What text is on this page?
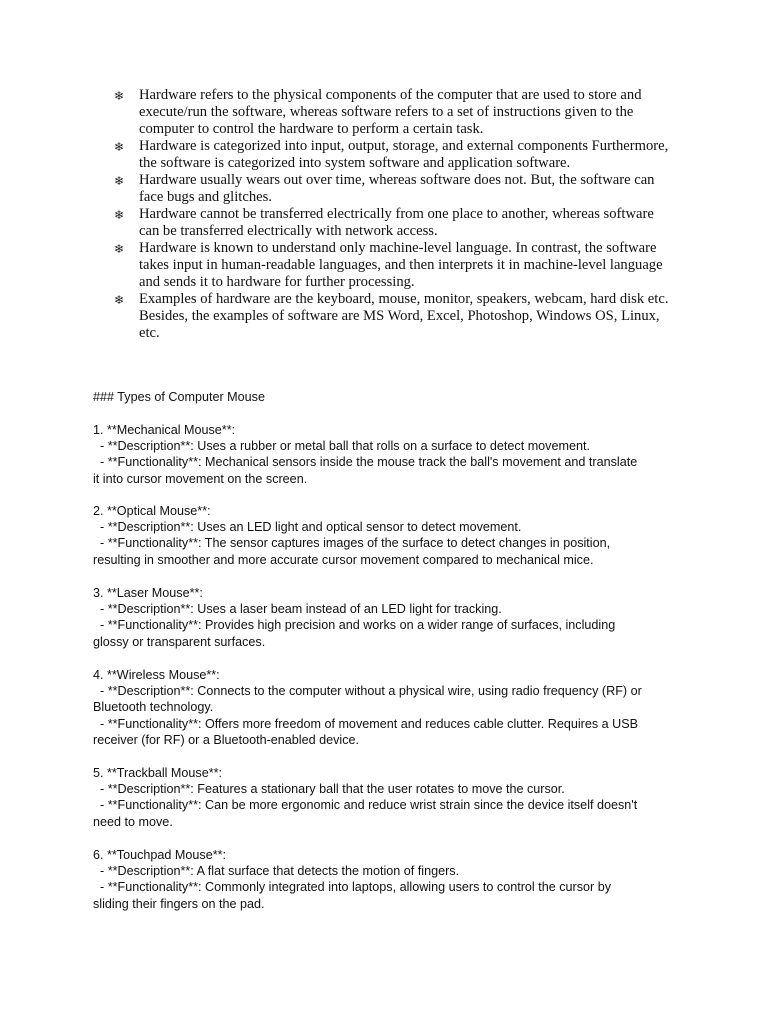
❄ Hardware refers to the physical components of the computer that are used to store and execute/run the software, whereas software refers to a set of instructions given to the computer to control the hardware to perform a certain task.
❄ Hardware is categorized into input, output, storage, and external components Furthermore, the software is categorized into system software and application software.
❄ Hardware usually wears out over time, whereas software does not. But, the software can face bugs and glitches.
❄ Hardware cannot be transferred electrically from one place to another, whereas software can be transferred electrically with network access.
❄ Hardware is known to understand only machine-level language. In contrast, the software takes input in human-readable languages, and then interprets it in machine-level language and sends it to hardware for further processing.
❄ Examples of hardware are the keyboard, mouse, monitor, speakers, webcam, hard disk etc. Besides, the examples of software are MS Word, Excel, Photoshop, Windows OS, Linux, etc.

### Types of Computer Mouse

1. **Mechanical Mouse**:

- **Description**: Uses a rubber or metal ball that rolls on a surface to detect movement.

- **Functionality**: Mechanical sensors inside the mouse track the ball's movement and translate

it into cursor movement on the screen.

2. **Optical Mouse**:

- **Description**: Uses an LED light and optical sensor to detect movement.

- **Functionality**: The sensor captures images of the surface to detect changes in position,

resulting in smoother and more accurate cursor movement compared to mechanical mice.

3. **Laser Mouse**:

- **Description**: Uses a laser beam instead of an LED light for tracking.

- **Functionality**: Provides high precision and works on a wider range of surfaces, including

glossy or transparent surfaces.

4. **Wireless Mouse**:

- **Description**: Connects to the computer without a physical wire, using radio frequency (RF) or

Bluetooth technology.

- **Functionality**: Offers more freedom of movement and reduces cable clutter. Requires a USB

receiver (for RF) or a Bluetooth-enabled device.

5. **Trackball Mouse**:

- **Description**: Features a stationary ball that the user rotates to move the cursor.

- **Functionality**: Can be more ergonomic and reduce wrist strain since the device itself doesn't

need to move.

6. **Touchpad Mouse**:

- **Description**: A flat surface that detects the motion of fingers.

- **Functionality**: Commonly integrated into laptops, allowing users to control the cursor by

sliding their fingers on the pad.
